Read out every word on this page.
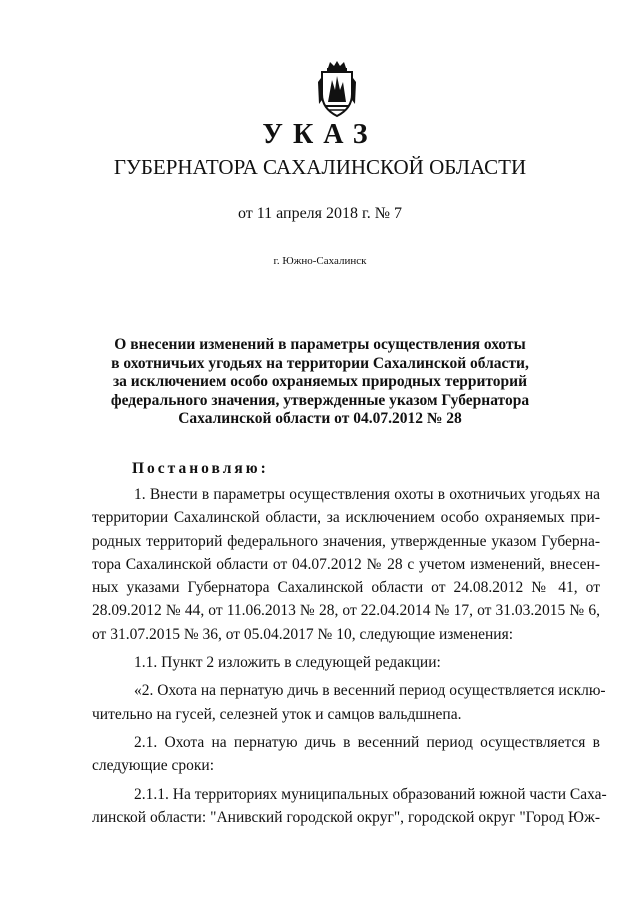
УКАЗ
ГУБЕРНАТОРА САХАЛИНСКОЙ ОБЛАСТИ
от 11 апреля 2018 г. № 7
г. Южно-Сахалинск
О внесении изменений в параметры осуществления охоты
в охотничьих угодьях на территории Сахалинской области,
за исключением особо охраняемых природных территорий
федерального значения, утвержденные указом Губернатора
Сахалинской области от 04.07.2012 № 28
Постановляю:
1. Внести в параметры осуществления охоты в охотничьих угодьях на
территории Сахалинской области, за исключением особо охраняемых при-
родных территорий федерального значения, утвержденные указом Губерна-
тора Сахалинской области от 04.07.2012 № 28 с учетом изменений, внесен-
ных указами Губернатора Сахалинской области от 24.08.2012 № 41, от
28.09.2012 № 44, от 11.06.2013 № 28, от 22.04.2014 № 17, от 31.03.2015 № 6,
от 31.07.2015 № 36, от 05.04.2017 № 10, следующие изменения:
1.1. Пункт 2 изложить в следующей редакции:
«2. Охота на пернатую дичь в весенний период осуществляется исклю-
чительно на гусей, селезней уток и самцов вальдшнепа.
2.1. Охота на пернатую дичь в весенний период осуществляется в
следующие сроки:
2.1.1. На территориях муниципальных образований южной части Саха-
линской области: "Анивский городской округ", городской округ "Город Юж-
